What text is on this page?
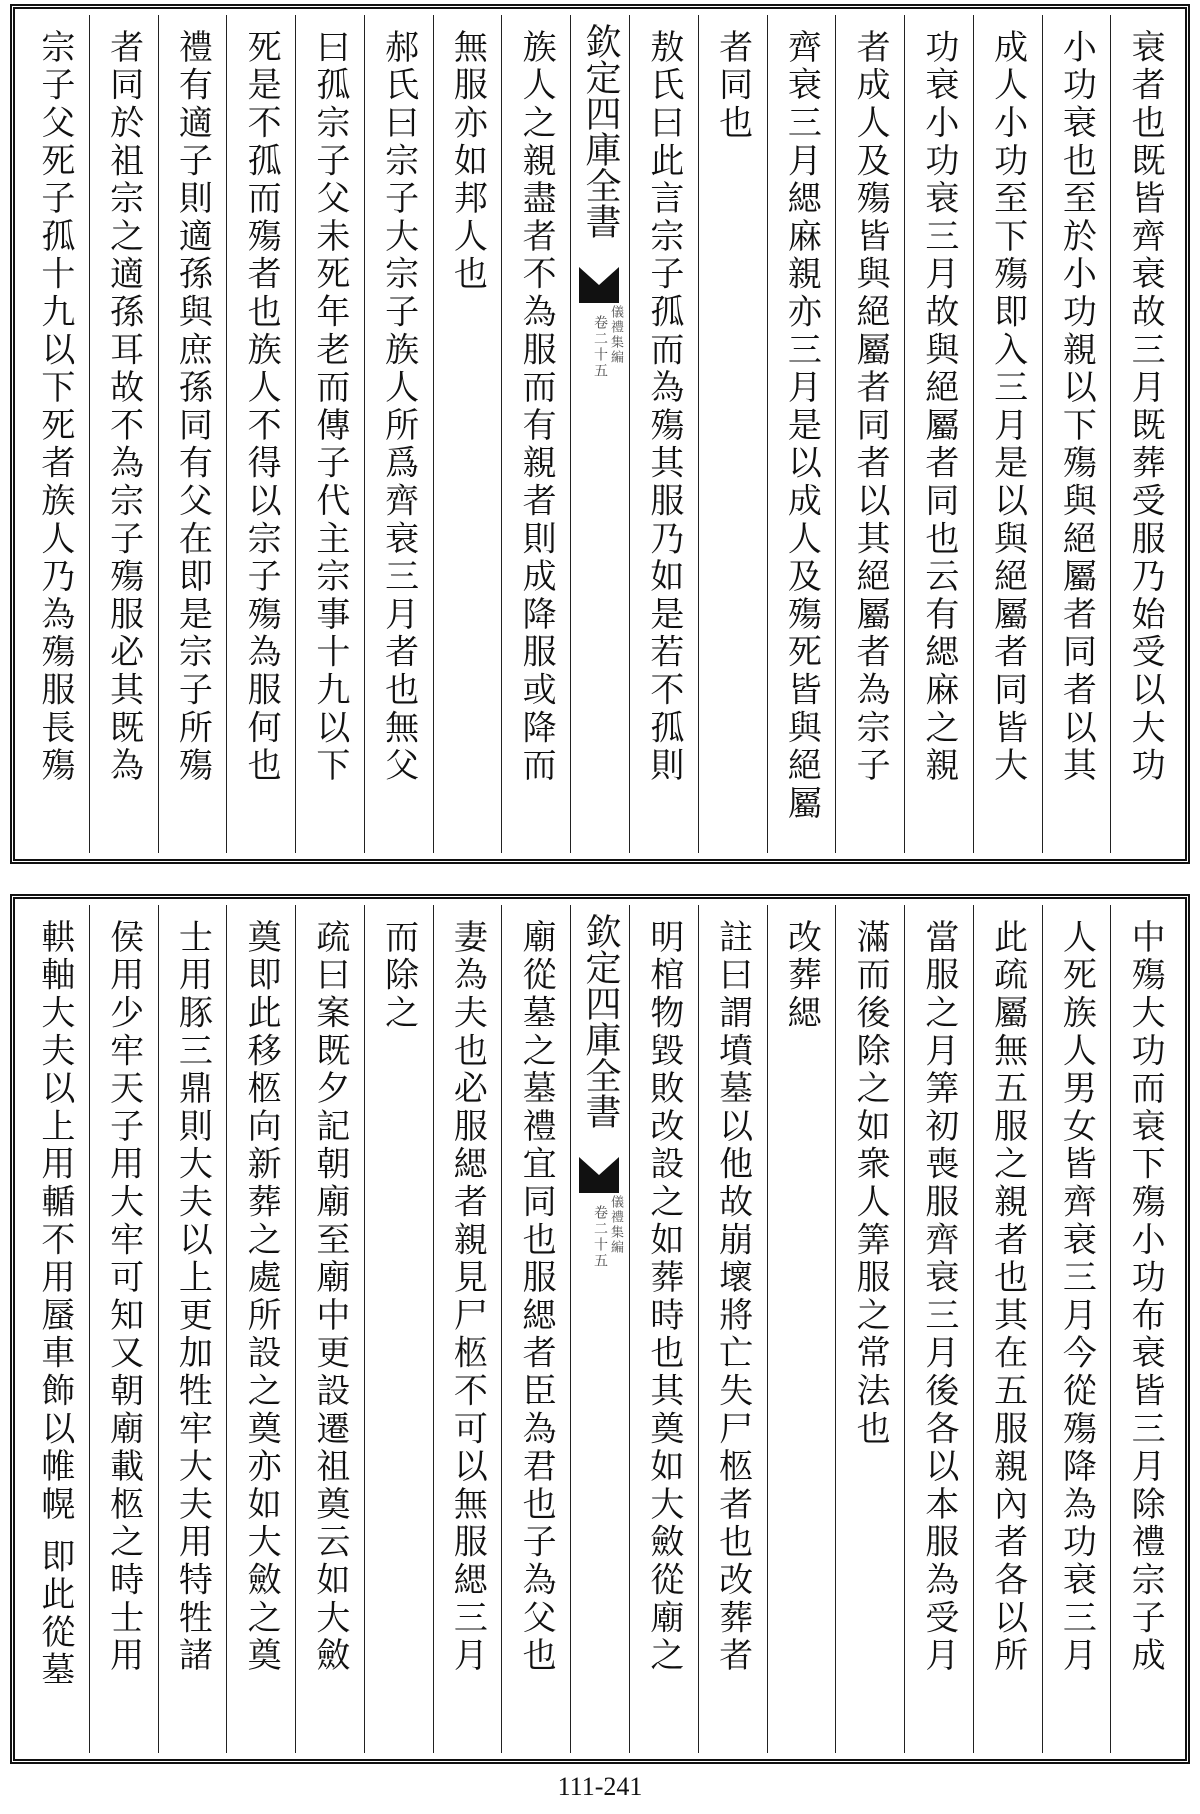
衰者也既皆齊衰故三月既葬受服乃始受以大功
小功衰也至於小功親以下殤與絕屬者同者以其
成人小功至下殤即入三月是以與絕屬者同皆大
功衰小功衰三月故與絕屬者同也云有緦麻之親
者成人及殤皆與絕屬者同者以其絕屬者為宗子
齊衰三月緦麻親亦三月是以成人及殤死皆與絕屬
者同也
敖氏曰此言宗子孤而為殤其服乃如是若不孤則
欽定四庫全書
儀禮集編
卷二十五
族人之親盡者不為服而有親者則成降服或降而
無服亦如邦人也
郝氏曰宗子大宗子族人所爲齊衰三月者也無父
曰孤宗子父未死年老而傳子代主宗事十九以下
死是不孤而殤者也族人不得以宗子殤為服何也
禮有適子則適孫與庶孫同有父在即是宗子所殤
者同於祖宗之適孫耳故不為宗子殤服必其既為
宗子父死子孤十九以下死者族人乃為殤服長殤
中殤大功而衰下殤小功布衰皆三月除禮宗子成
人死族人男女皆齊衰三月今從殤降為功衰三月
此疏屬無五服之親者也其在五服親內者各以所
當服之月筭初喪服齊衰三月後各以本服為受月
滿而後除之如衆人筭服之常法也
改葬緦
註曰謂墳墓以他故崩壞將亡失尸柩者也改葬者
明棺物毀敗改設之如葬時也其奠如大斂從廟之
欽定四庫全書
儀禮集編
卷二十五
廟從墓之墓禮宜同也服緦者臣為君也子為父也
妻為夫也必服緦者親見尸柩不可以無服緦三月
而除之
疏曰案既夕記朝廟至廟中更設遷祖奠云如大斂
奠即此移柩向新葬之處所設之奠亦如大斂之奠
士用豚三鼎則大夫以上更加牲牢大夫用特牲諸
侯用少牢天子用大牢可知又朝廟載柩之時士用
輁軸大夫以上用輴不用蜃車飾以帷幌 即此從墓
111-241
